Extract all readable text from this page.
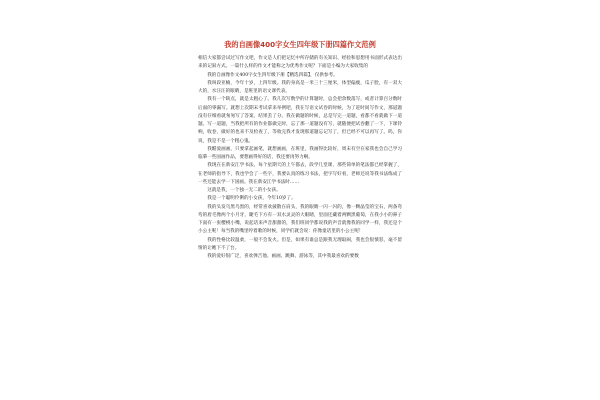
我的自画像400字女生四年级下册四篇作文范例

相信大家都尝试过写作文吧，作文是人们把记忆中所存储的有关知识、经验和思想用书面形式表达出来的记叙方式。一篇什么样的作文才能称之为优秀作文呢？下面是小编为大家收集的

我的自画像作文400字女生四年级下册【精选四篇】，仅供参考。

我叫段亚楠，今年十岁，上四年级。我的身高是一米三十三厘米，体型偏瘦，瓜子脸，有一双大大的，水汪汪的眼睛，是班里的语文课代表。

我有一个缺点，就是太粗心了。我几次写数学的计算题时，总会把余数落写，或者计算百分数时后面的零漏写。就想上次期末考试拿来举例吧，我在写语文试卷的时候，为了赶时间写作文，那道题没有仔细看就匆匆写了答案，结果丢了分。我在做题的时候，总是写完一道题，看都不看就做下一道题。写一道题，当我把所有的作业都做完时，忘了那一道题没有写，就随便把试卷翻了一下，下课铃响，收卷，做好的也来不及检查了，等收完我才发现那道题忘记写了，但已经不可以再写了。呜，你说，我是不是一个粗心鬼。

我酷爱画画，只要拿起画笔，就想画画，在班里，我画得比较好，周末有空在家我也会自己学习临摹一些国画作品，要想画得好的话，我还要再努力啊。

我现在在新安江学书法，每个星期天的上午都去，段学几堂课，那些简单的笔法都已经掌握了，在老师的指导下，我也学会了一些字，我要认真的练习书法，把字写好看，老师还说等我书法练成了一些还能去学一下国画。我在新安江学书法时……

这就是我，一个独一无二的小女孩。

我是一个聪明伶俐的小女孩，今年10岁了。

我的头发乌黑乌黑的，经常喜欢披散在肩头，我的眼睛一闪一闪的，像一颗晶莹的宝石，两条弯弯的眉毛像两个小月牙，睫毛下方有一双水灵灵的大眼睛，里面还藏着两颗黑葡萄，在我小小的鼻子下面有一张樱桃小嘴，说起话来声音甜甜的，我们班同学都说我的声音就像我的同学一样，我还是个小公主呢！每当我的嘴里哼着歌的时候，同学们就会说：你像童话里的小公主呢！

我的性格比较温柔，一般不会发火。但是，如果有谁总是跟我无理取闹，我也会很愤怒，毫不留情的让她下不了台。

我的爱好很广泛，喜欢弹吉他、画画、跳舞、游泳等，其中我最喜欢的要数
